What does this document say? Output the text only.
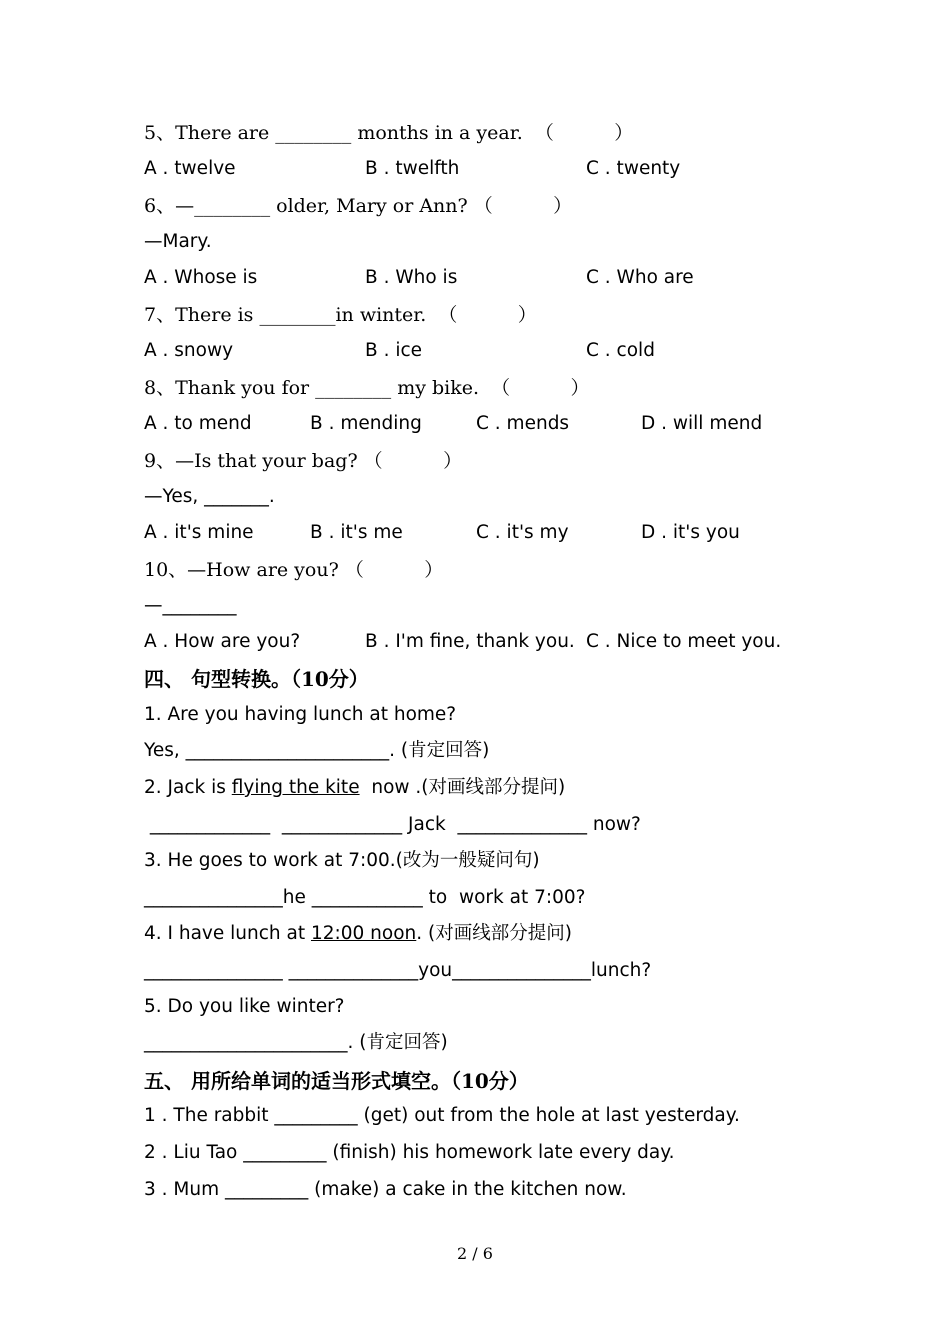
5、There are ________ months in a year.  （          ）
A . twelve	B . twelfth	C . twenty
6、—________ older, Mary or Ann? （          ）
—Mary.
A . Whose is	B . Who is	C . Who are
7、There is ________in winter.  （          ）
A . snowy	B . ice	C . cold
8、Thank you for ________ my bike.  （          ）
A . to mend	B . mending	C . mends	D . will mend
9、—Is that your bag? （          ）
—Yes, _______.
A . it's mine	B . it's me	C . it's my	D . it's you
10、—How are you? （          ）
—________
A . How are you?	B . I'm fine, thank you. C . Nice to meet you.
四、 句型转换。（10分）
1. Are you having lunch at home?
Yes, ______________________. (肯定回答)
2. Jack is flying the kite  now .(对画线部分提问)
_____________  _____________ Jack  ______________ now?
3. He goes to work at 7:00.(改为一般疑问句)
_______________he ____________ to  work at 7:00?
4. I have lunch at 12:00 noon. (对画线部分提问)
_______________ ______________you_______________lunch?
5. Do you like winter?
______________________. (肯定回答)
五、 用所给单词的适当形式填空。（10分）
1 . The rabbit _________ (get) out from the hole at last yesterday.
2 . Liu Tao _________ (finish) his homework late every day.
3 . Mum _________ (make) a cake in the kitchen now.
2 / 6
